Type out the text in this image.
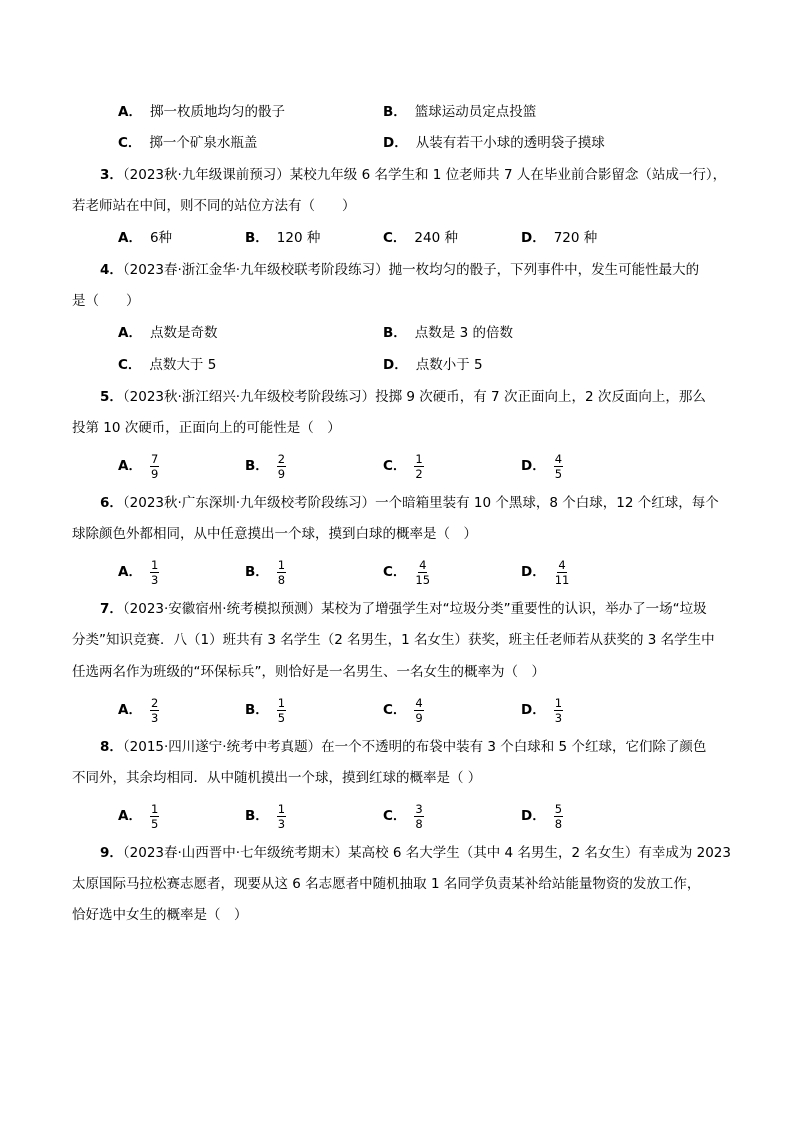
A． 掷一枚质地均匀的骰子	B． 篮球运动员定点投篮
C． 掷一个矿泉水瓶盖	D． 从装有若干小球的透明袋子摸球
3．（2023秋·九年级课前预习）某校九年级 6 名学生和 1 位老师共 7 人在毕业前合影留念（站成一行），
若老师站在中间，则不同的站位方法有（　　）
A． 6种	B． 120 种	C． 240 种	D． 720 种
4．（2023春·浙江金华·九年级校联考阶段练习）抛一枚均匀的骰子，下列事件中，发生可能性最大的
是（　　）
A． 点数是奇数	B． 点数是 3 的倍数
C． 点数大于 5	D． 点数小于 5
5．（2023秋·浙江绍兴·九年级校考阶段练习）投掷 9 次硬币，有 7 次正面向上，2 次反面向上，那么
投第 10 次硬币，正面向上的可能性是（　）
A． $\frac{7}{9}$	B． $\frac{2}{9}$	C． $\frac{1}{2}$	D． $\frac{4}{5}$
6．（2023秋·广东深圳·九年级校考阶段练习）一个暗箱里装有 10 个黑球，8 个白球，12 个红球，每个
球除颜色外都相同，从中任意摸出一个球，摸到白球的概率是（　）
A． $\frac{1}{3}$	B． $\frac{1}{8}$	C． $\frac{4}{15}$	D． $\frac{4}{11}$
7．（2023·安徽宿州·统考模拟预测）某校为了增强学生对“垃圾分类”重要性的认识，举办了一场“垃圾
分类”知识竞赛．八（1）班共有 3 名学生（2 名男生，1 名女生）获奖，班主任老师若从获奖的 3 名学生中
任选两名作为班级的“环保标兵”，则恰好是一名男生、一名女生的概率为（　）
A． $\frac{2}{3}$	B． $\frac{1}{5}$	C． $\frac{4}{9}$	D． $\frac{1}{3}$
8．（2015·四川遂宁·统考中考真题）在一个不透明的布袋中装有 3 个白球和 5 个红球，它们除了颜色
不同外，其余均相同．从中随机摸出一个球，摸到红球的概率是（ ）
A． $\frac{1}{5}$	B． $\frac{1}{3}$	C． $\frac{3}{8}$	D． $\frac{5}{8}$
9．（2023春·山西晋中·七年级统考期末）某高校 6 名大学生（其中 4 名男生，2 名女生）有幸成为 2023
太原国际马拉松赛志愿者，现要从这 6 名志愿者中随机抽取 1 名同学负责某补给站能量物资的发放工作，
恰好选中女生的概率是（　）
